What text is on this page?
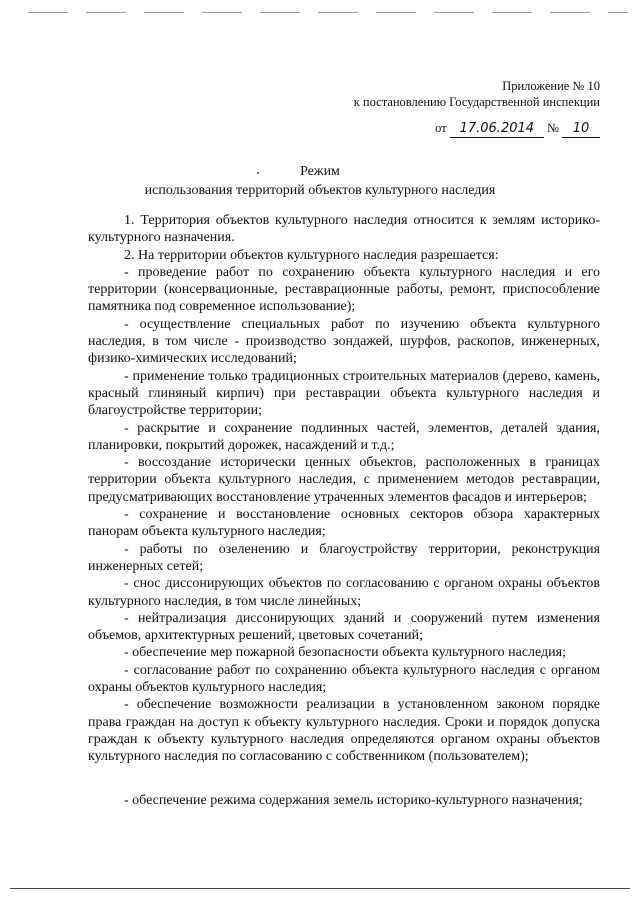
Приложение № 10
к постановлению Государственной инспекции
от 17.06.2014 № 10
Режим
использования территорий объектов культурного наследия

1. Территория объектов культурного наследия относится к землям историко-культурного назначения.

2. На территории объектов культурного наследия разрешается:

- проведение работ по сохранению объекта культурного наследия и его территории (консервационные, реставрационные работы, ремонт, приспособление памятника под современное использование);

- осуществление специальных работ по изучению объекта культурного наследия, в том числе - производство зондажей, шурфов, раскопов, инженерных, физико-химических исследований;

- применение только традиционных строительных материалов (дерево, камень, красный глиняный кирпич) при реставрации объекта культурного наследия и благоустройстве территории;

- раскрытие и сохранение подлинных частей, элементов, деталей здания, планировки, покрытий дорожек, насаждений и т.д.;

- воссоздание исторически ценных объектов, расположенных в границах территории объекта культурного наследия, с применением методов реставрации, предусматривающих восстановление утраченных элементов фасадов и интерьеров;

- сохранение и восстановление основных секторов обзора характерных панорам объекта культурного наследия;

- работы по озеленению и благоустройству территории, реконструкция инженерных сетей;

- снос диссонирующих объектов по согласованию с органом охраны объектов культурного наследия, в том числе линейных;

- нейтрализация диссонирующих зданий и сооружений путем изменения объемов, архитектурных решений, цветовых сочетаний;

- обеспечение мер пожарной безопасности объекта культурного наследия;

- согласование работ по сохранению объекта культурного наследия с органом охраны объектов культурного наследия;

- обеспечение возможности реализации в установленном законом порядке права граждан на доступ к объекту культурного наследия. Сроки и порядок допуска граждан к объекту культурного наследия определяются органом охраны объектов культурного наследия по согласованию с собственником (пользователем);

- обеспечение режима содержания земель историко-культурного назначения;
